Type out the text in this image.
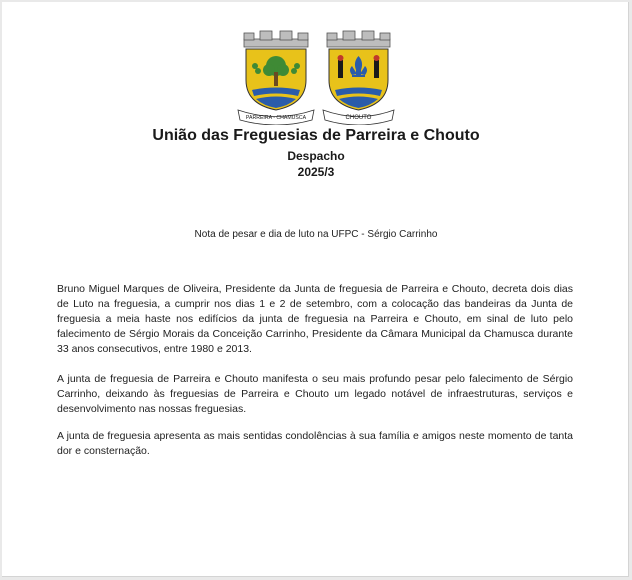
PARREIRA - CHAMUSCA	CHOUTO
União das Freguesias de Parreira e Chouto
Despacho
2025/3
Nota de pesar e dia de luto na UFPC - Sérgio Carrinho

Bruno Miguel Marques de Oliveira, Presidente da Junta de freguesia de Parreira e Chouto, decreta dois dias de Luto na freguesia, a cumprir nos dias 1 e 2 de setembro, com a colocação das bandeiras da Junta de freguesia a meia haste nos edifícios da junta de freguesia na Parreira e Chouto, em sinal de luto pelo falecimento de Sérgio Morais da Conceição Carrinho, Presidente da Câmara Municipal da Chamusca durante 33 anos consecutivos, entre 1980 e 2013.

A junta de freguesia de Parreira e Chouto manifesta o seu mais profundo pesar pelo falecimento de Sérgio Carrinho, deixando às freguesias de Parreira e Chouto um legado notável de infraestruturas, serviços e desenvolvimento nas nossas freguesias.

A junta de freguesia apresenta as mais sentidas condolências à sua família e amigos neste momento de tanta dor e consternação.
